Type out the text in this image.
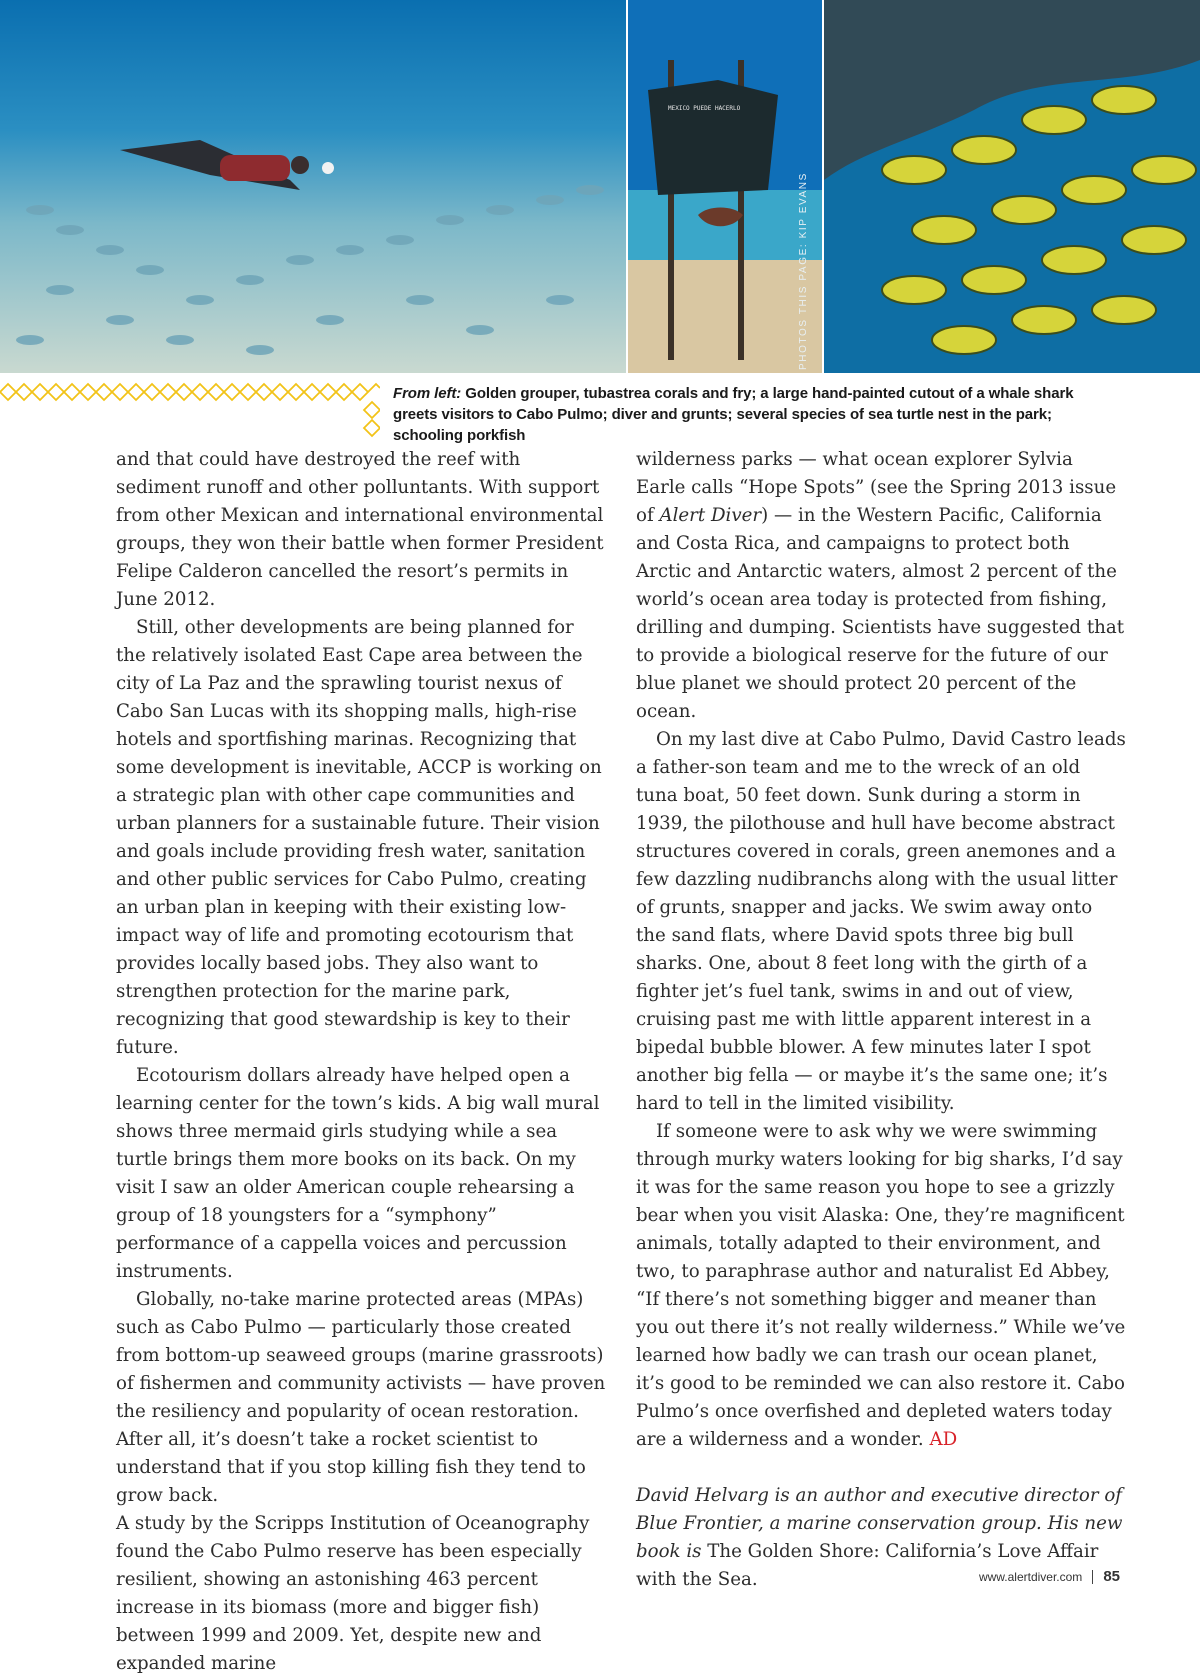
MEXICO PUEDE HACERLO
PHOTOS THIS PAGE: KIP EVANS
From left: Golden grouper, tubastrea corals and fry; a large hand-painted cutout of a whale shark greets visitors to Cabo Pulmo; diver and grunts; several species of sea turtle nest in the park; schooling porkfish

and that could have destroyed the reef with sediment runoff and other polluntants. With support from other Mexican and international environmental groups, they won their battle when former President Felipe Calderon cancelled the resort’s permits in June 2012.

Still, other developments are being planned for the relatively isolated East Cape area between the city of La Paz and the sprawling tourist nexus of Cabo San Lucas with its shopping malls, high-rise hotels and sportfishing marinas. Recognizing that some development is inevitable, ACCP is working on a strategic plan with other cape communities and urban planners for a sustainable future. Their vision and goals include providing fresh water, sanitation and other public services for Cabo Pulmo, creating an urban plan in keeping with their existing low-impact way of life and promoting ecotourism that provides locally based jobs. They also want to strengthen protection for the marine park, recognizing that good stewardship is key to their future.

Ecotourism dollars already have helped open a learning center for the town’s kids. A big wall mural shows three mermaid girls studying while a sea turtle brings them more books on its back. On my visit I saw an older American couple rehearsing a group of 18 youngsters for a “symphony” performance of a cappella voices and percussion instruments.

Globally, no-take marine protected areas (MPAs) such as Cabo Pulmo — particularly those created from bottom-up seaweed groups (marine grassroots) of fishermen and community activists — have proven the resiliency and popularity of ocean restoration. After all, it’s doesn’t take a rocket scientist to understand that if you stop killing fish they tend to grow back.

A study by the Scripps Institution of Oceanography found the Cabo Pulmo reserve has been especially resilient, showing an astonishing 463 percent increase in its biomass (more and bigger fish) between 1999 and 2009. Yet, despite new and expanded marine

wilderness parks — what ocean explorer Sylvia Earle calls “Hope Spots” (see the Spring 2013 issue of Alert Diver) — in the Western Pacific, California and Costa Rica, and campaigns to protect both Arctic and Antarctic waters, almost 2 percent of the world’s ocean area today is protected from fishing, drilling and dumping. Scientists have suggested that to provide a biological reserve for the future of our blue planet we should protect 20 percent of the ocean.

On my last dive at Cabo Pulmo, David Castro leads a father-son team and me to the wreck of an old tuna boat, 50 feet down. Sunk during a storm in 1939, the pilothouse and hull have become abstract structures covered in corals, green anemones and a few dazzling nudibranchs along with the usual litter of grunts, snapper and jacks. We swim away onto the sand flats, where David spots three big bull sharks. One, about 8 feet long with the girth of a fighter jet’s fuel tank, swims in and out of view, cruising past me with little apparent interest in a bipedal bubble blower. A few minutes later I spot another big fella — or maybe it’s the same one; it’s hard to tell in the limited visibility.

If someone were to ask why we were swimming through murky waters looking for big sharks, I’d say it was for the same reason you hope to see a grizzly bear when you visit Alaska: One, they’re magnificent animals, totally adapted to their environment, and two, to paraphrase author and naturalist Ed Abbey, “If there’s not something bigger and meaner than you out there it’s not really wilderness.” While we’ve learned how badly we can trash our ocean planet, it’s good to be reminded we can also restore it. Cabo Pulmo’s once overfished and depleted waters today are a wilderness and a wonder. AD

David Helvarg is an author and executive director of Blue Frontier, a marine conservation group. His new book is The Golden Shore: California’s Love Affair with the Sea.	www.alertdiver.com 85
